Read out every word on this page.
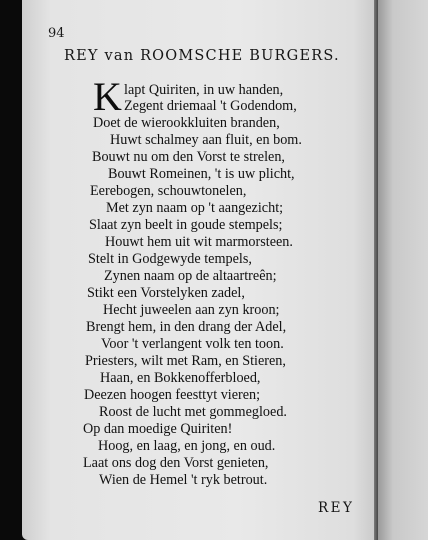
94
REY van ROOMSCHE BURGERS.
K lapt Quiriten, in uw handen,
Zegent driemaal 't Godendom,
Doet de wierookkluiten branden,
Huwt schalmey aan fluit, en bom.
Bouwt nu om den Vorst te strelen,
Bouwt Romeinen, 't is uw plicht,
Eerebogen, schouwtonelen,
Met zyn naam op 't aangezicht;
Slaat zyn beelt in goude stempels;
Houwt hem uit wit marmorsteen.
Stelt in Godgewyde tempels,
Zynen naam op de altaartreên;
Stikt een Vorstelyken zadel,
Hecht juweelen aan zyn kroon;
Brengt hem, in den drang der Adel,
Voor 't verlangent volk ten toon.
Priesters, wilt met Ram, en Stieren,
Haan, en Bokkenofferbloed,
Deezen hoogen feesttyt vieren;
Roost de lucht met gommegloed.
Op dan moedige Quiriten!
Hoog, en laag, en jong, en oud.
Laat ons dog den Vorst genieten,
Wien de Hemel 't ryk betrout.
REY
